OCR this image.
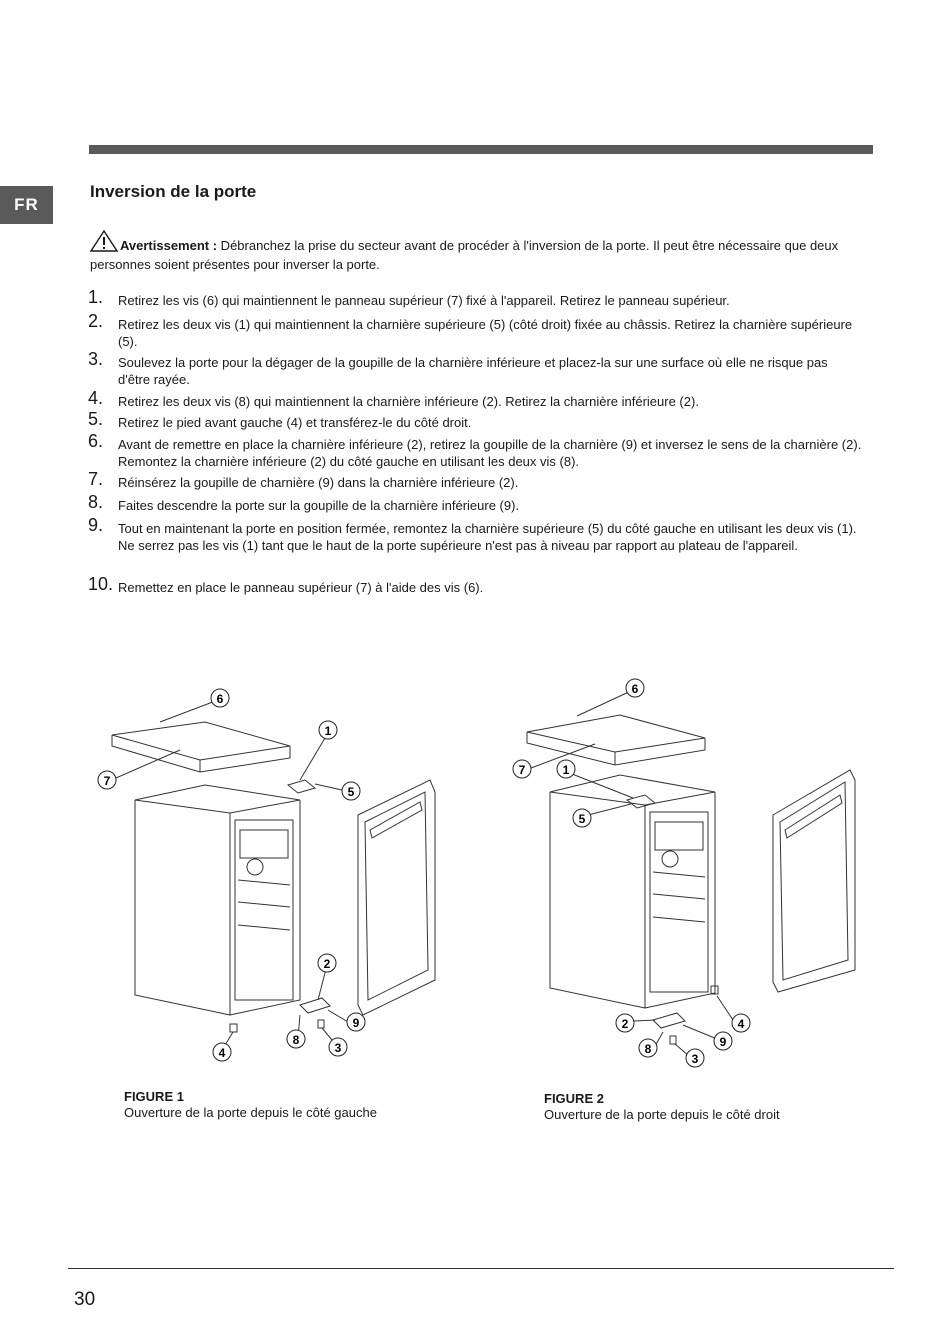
FR
Inversion de la porte
Avertissement : Débranchez la prise du secteur avant de procéder à l'inversion de la porte. Il peut être nécessaire que deux personnes soient présentes pour inverser la porte.
1. Retirez les vis (6) qui maintiennent le panneau supérieur (7) fixé à l'appareil. Retirez le panneau supérieur.
2. Retirez les deux vis (1) qui maintiennent la charnière supérieure (5) (côté droit) fixée au châssis. Retirez la charnière supérieure (5).
3. Soulevez la porte pour la dégager de la goupille de la charnière inférieure et placez-la sur une surface où elle ne risque pas d'être rayée.
4. Retirez les deux vis (8) qui maintiennent la charnière inférieure (2). Retirez la charnière inférieure (2).
5. Retirez le pied avant gauche (4) et transférez-le du côté droit.
6. Avant de remettre en place la charnière inférieure (2), retirez la goupille de la charnière (9) et inversez le sens de la charnière (2). Remontez la charnière inférieure (2) du côté gauche en utilisant les deux vis (8).
7. Réinsérez la goupille de charnière (9) dans la charnière inférieure (2).
8. Faites descendre la porte sur la goupille de la charnière inférieure (9).
9. Tout en maintenant la porte en position fermée, remontez la charnière supérieure (5) du côté gauche en utilisant les deux vis (1). Ne serrez pas les vis (1) tant que le haut de la porte supérieure n'est pas à niveau par rapport au plateau de l'appareil.
10. Remettez en place le panneau supérieur (7) à l'aide des vis (6).
6
1
7
5
2
9
8
3
4
FIGURE 1
Ouverture de la porte depuis le côté gauche
6
7	1
5
2	4
9
8
3
FIGURE 2
Ouverture de la porte depuis le côté droit
30
